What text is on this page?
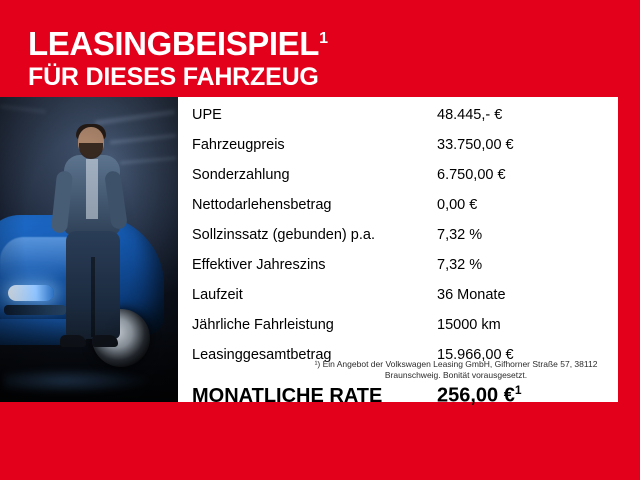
LEASINGBEISPIEL$^1$
FÜR DIESES FAHRZEUG
UPE	48.445,- €
Fahrzeugpreis	33.750,00 €
Sonderzahlung	6.750,00 €
Nettodarlehensbetrag	0,00 €
Sollzinssatz (gebunden) p.a.	7,32 %
Effektiver Jahreszins	7,32 %
Laufzeit	36 Monate
Jährliche Fahrleistung	15000 km
Leasinggesamtbetrag	15.966,00 €
MONATLICHE RATE	256,00 €$^1$
¹) Ein Angebot der Volkswagen Leasing GmbH, Gifhorner Straße 57, 38112 Braunschweig. Bonität vorausgesetzt.
